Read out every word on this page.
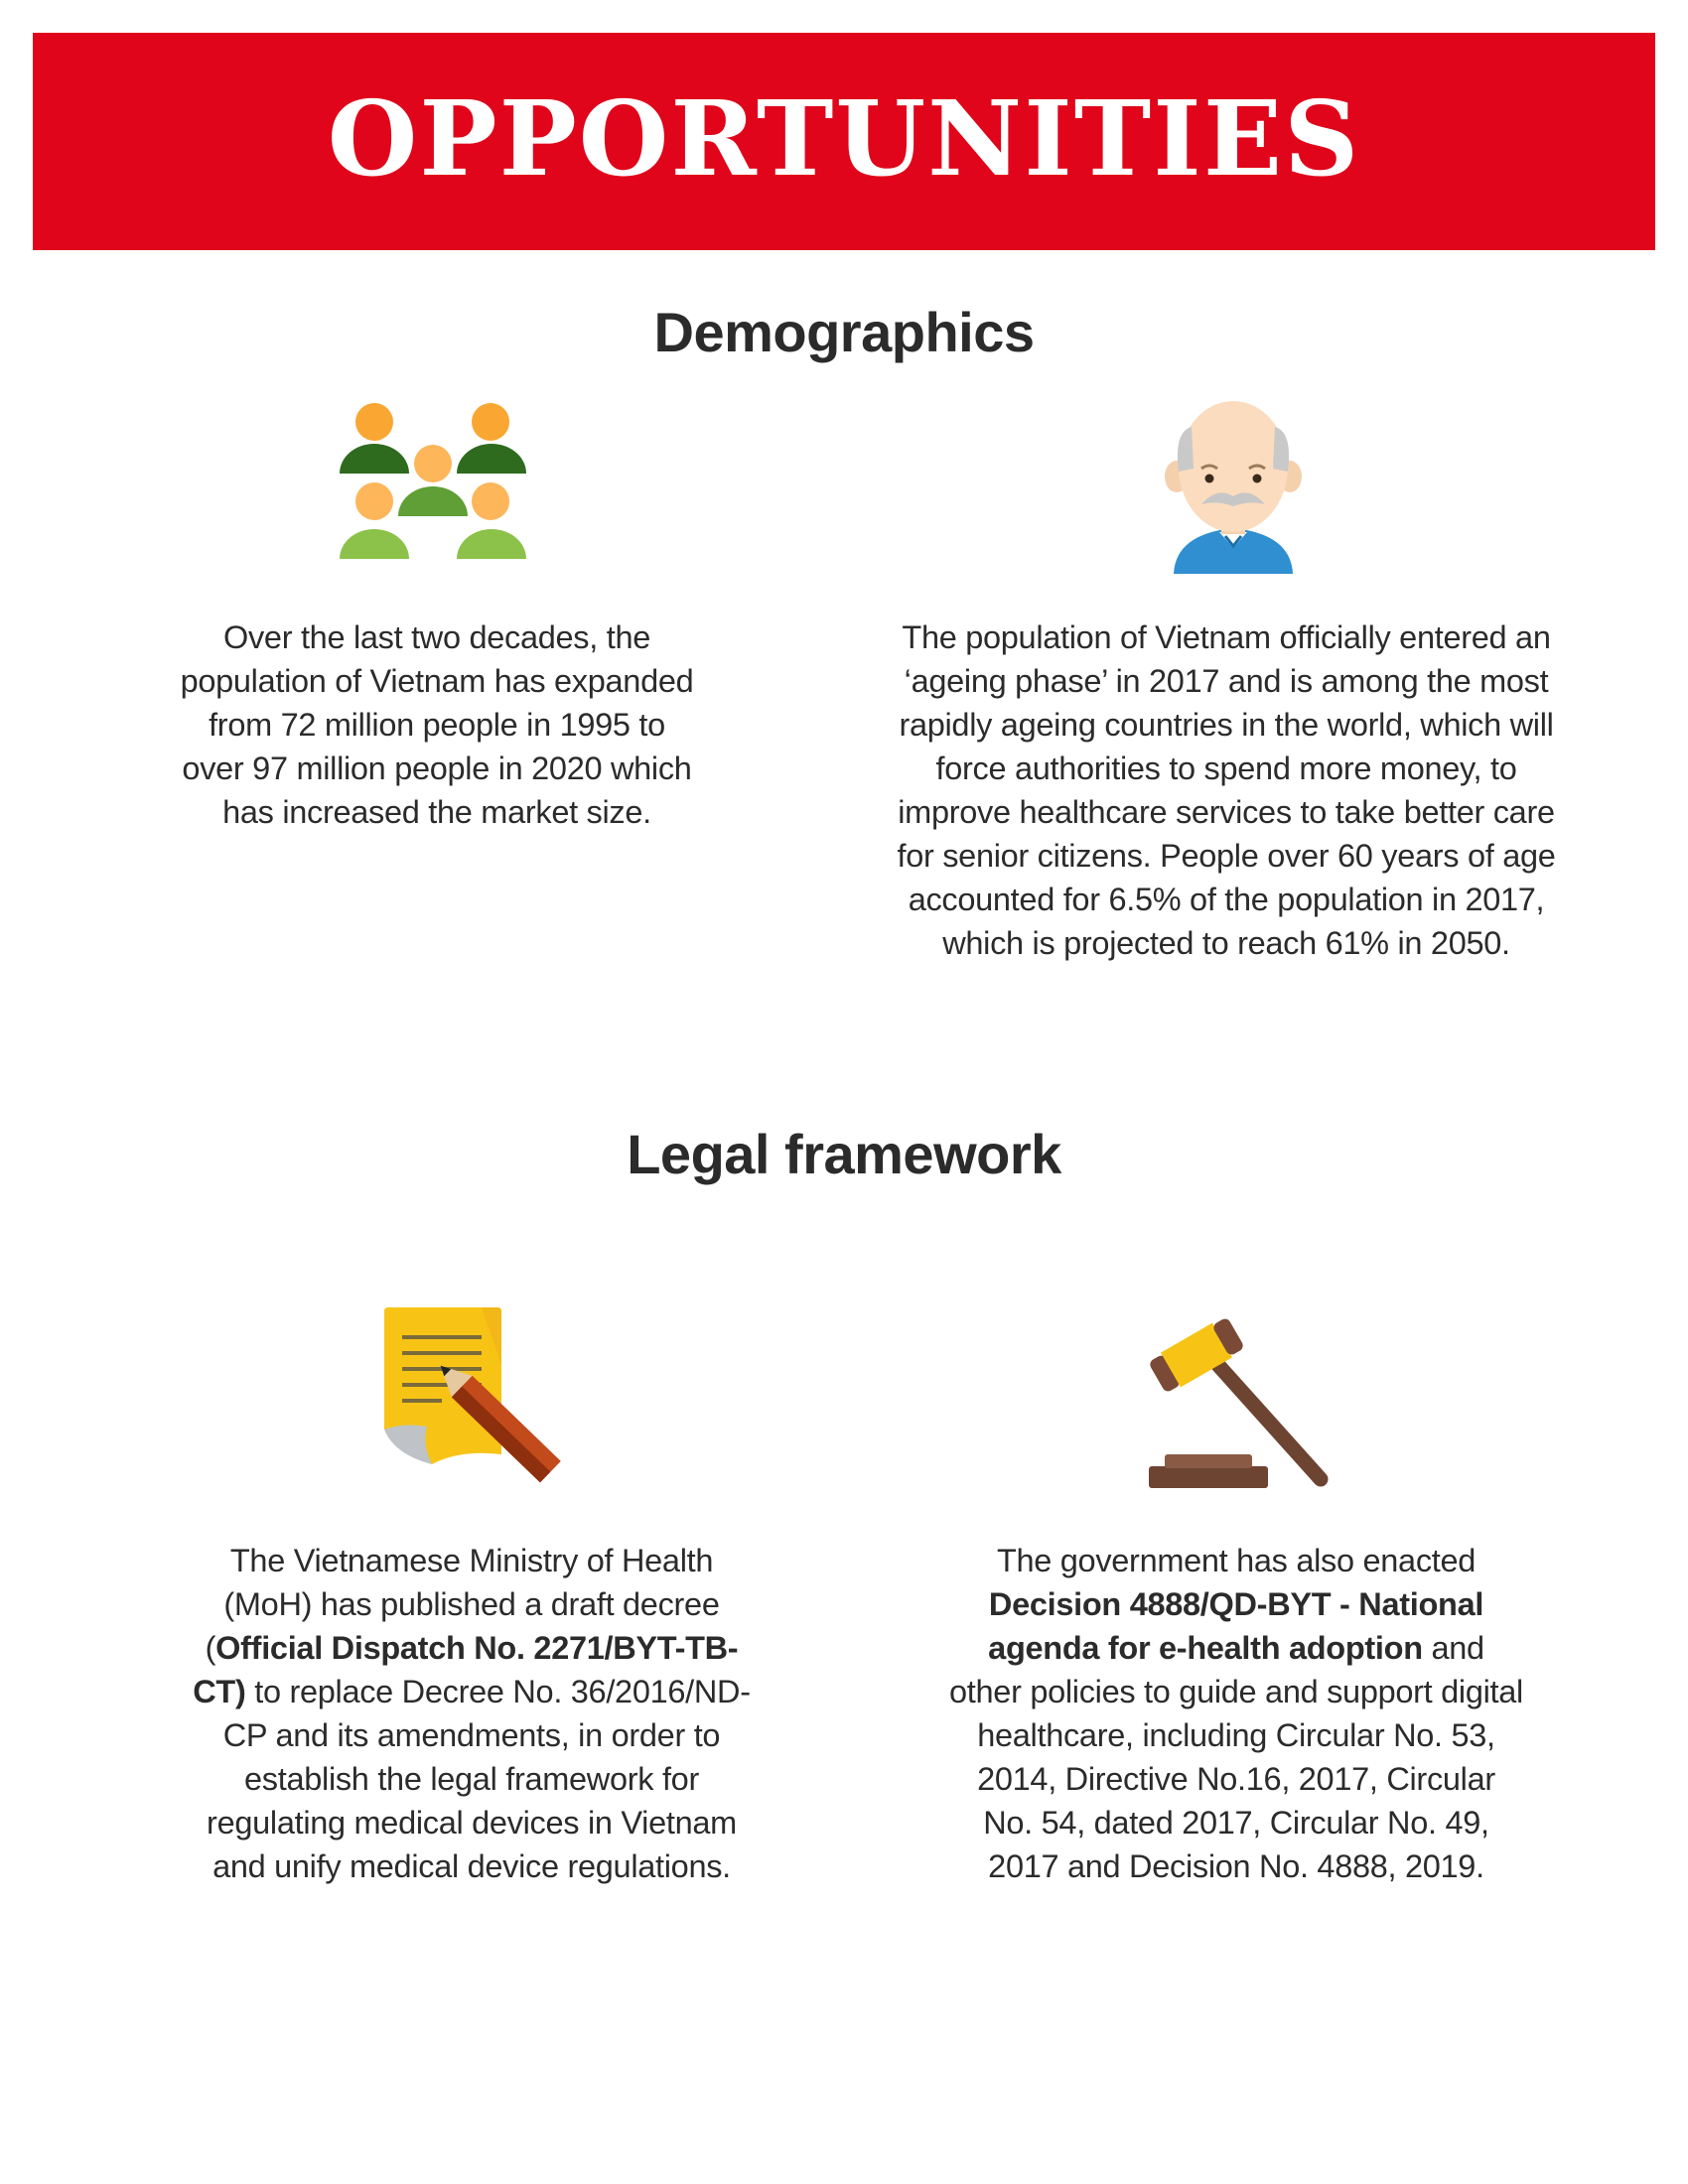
OPPORTUNITIES
Demographics

Over the last two decades, the population of Vietnam has expanded from 72 million people in 1995 to over 97 million people in 2020 which has increased the market size.

The population of Vietnam officially entered an ‘ageing phase’ in 2017 and is among the most rapidly ageing countries in the world, which will force authorities to spend more money, to improve healthcare services to take better care for senior citizens. People over 60 years of age accounted for 6.5% of the population in 2017, which is projected to reach 61% in 2050.

Legal framework

The Vietnamese Ministry of Health (MoH) has published a draft decree (Official Dispatch No. 2271/BYT-TB-CT) to replace Decree No. 36/2016/ND-CP and its amendments, in order to establish the legal framework for regulating medical devices in Vietnam and unify medical device regulations.

The government has also enacted Decision 4888/QD-BYT - National agenda for e-health adoption and other policies to guide and support digital healthcare, including Circular No. 53, 2014, Directive No.16, 2017, Circular No. 54, dated 2017, Circular No. 49, 2017 and Decision No. 4888, 2019.
